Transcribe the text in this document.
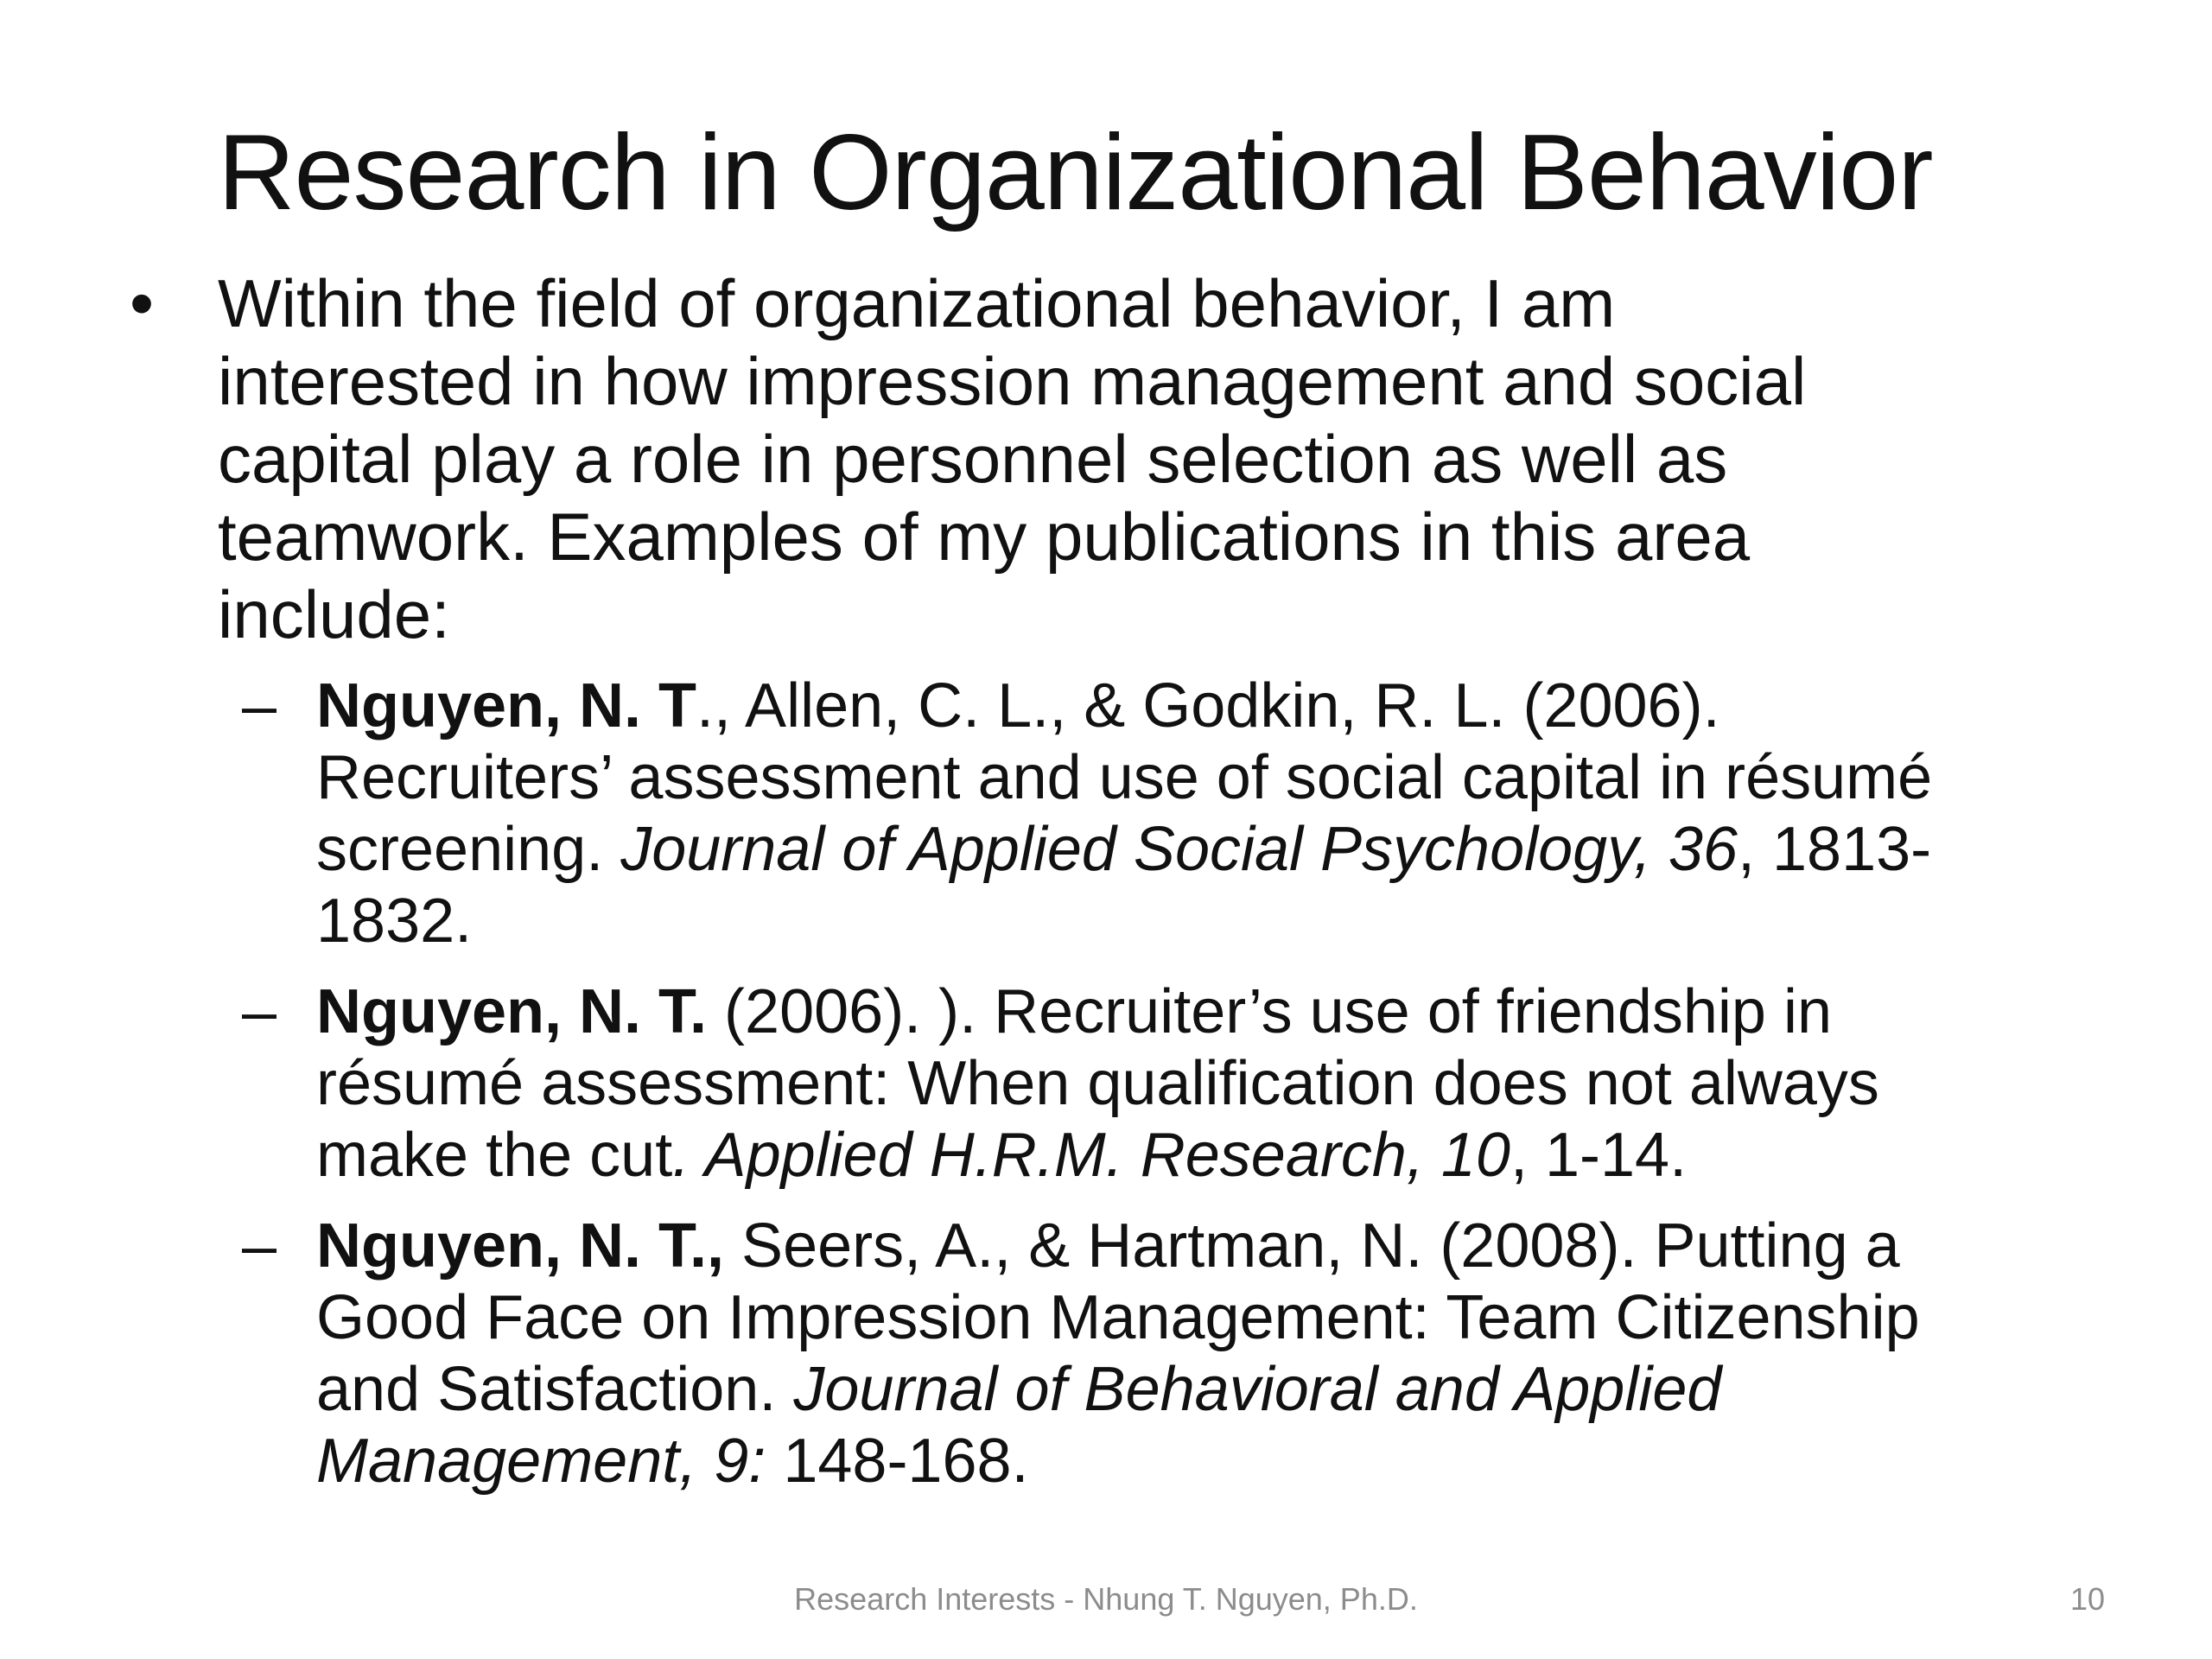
Research in Organizational Behavior
• Within the field of organizational behavior, I am
interested in how impression management and social
capital play a role in personnel selection as well as
teamwork. Examples of my publications in this area
include:
– Nguyen, N. T., Allen, C. L., & Godkin, R. L. (2006).
Recruiters’ assessment and use of social capital in résumé
screening. Journal of Applied Social Psychology, 36, 1813-
1832.
– Nguyen, N. T. (2006). ). Recruiter’s use of friendship in
résumé assessment: When qualification does not always
make the cut. Applied H.R.M. Research, 10, 1-14.
– Nguyen, N. T., Seers, A., & Hartman, N. (2008). Putting a
Good Face on Impression Management: Team Citizenship
and Satisfaction. Journal of Behavioral and Applied
Management, 9: 148-168.
Research Interests - Nhung T. Nguyen, Ph.D.	10
